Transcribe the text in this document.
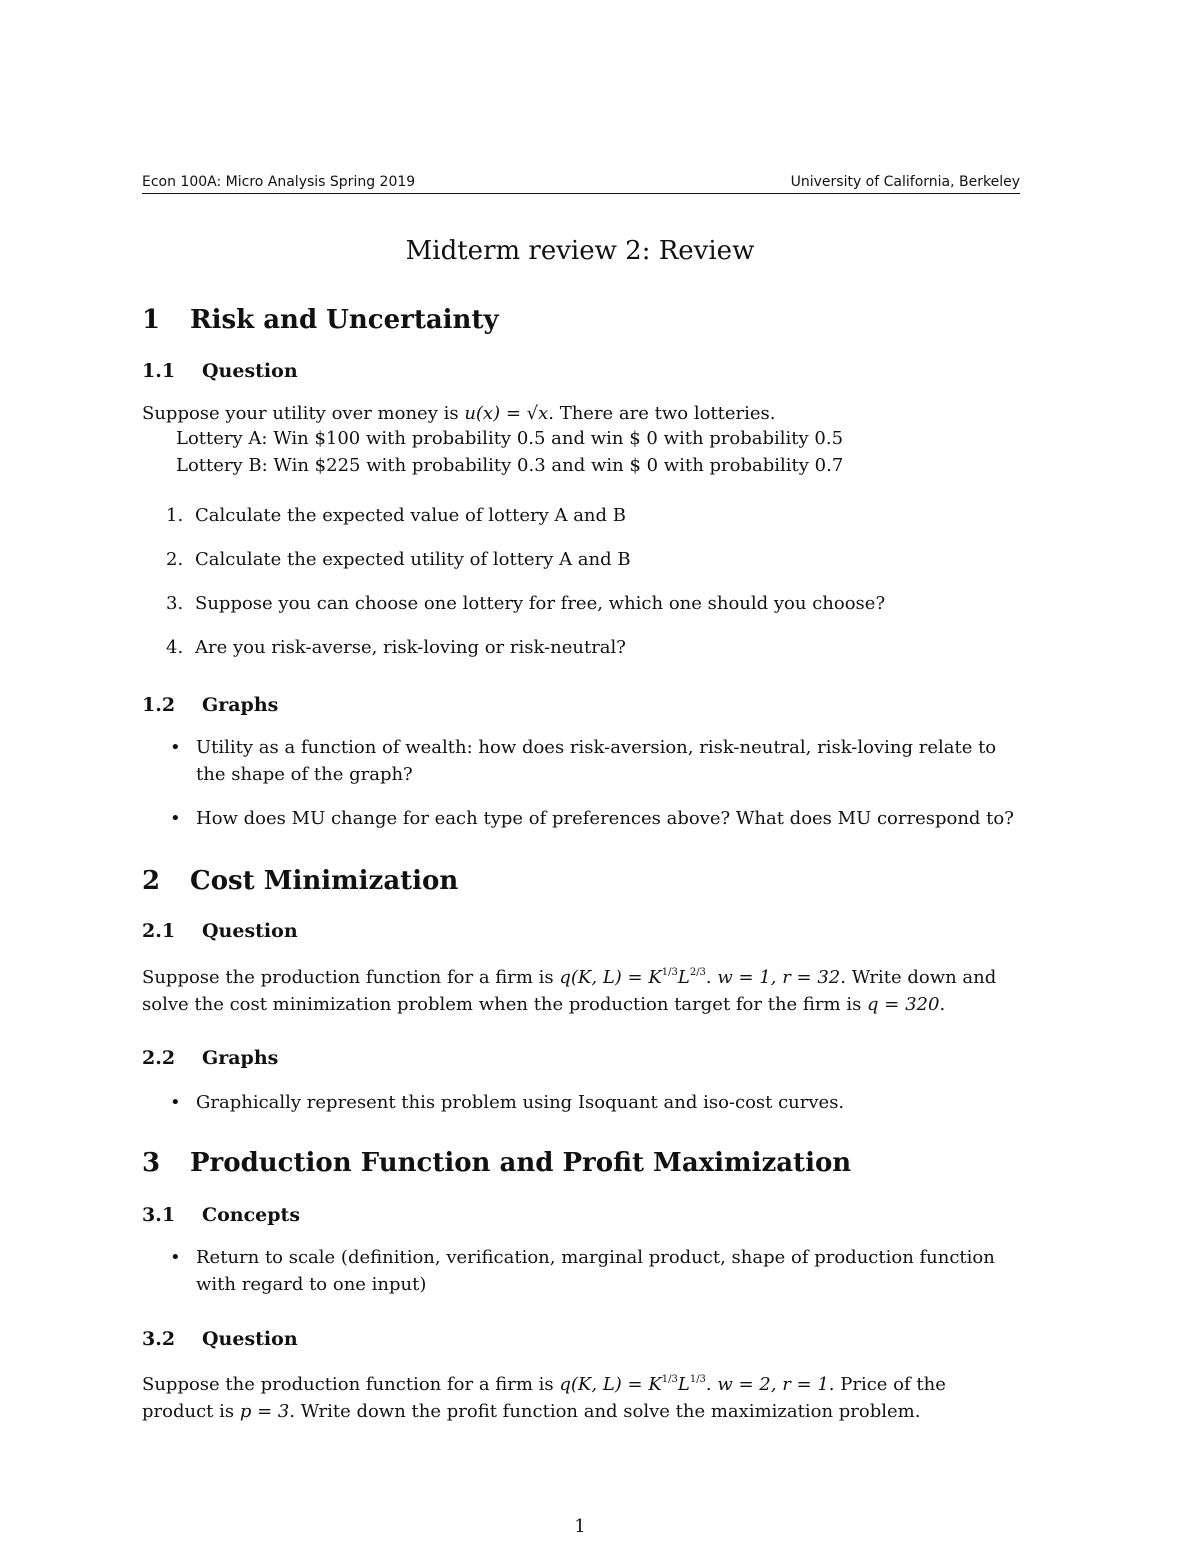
Econ 100A: Micro Analysis Spring 2019	University of California, Berkeley
Midterm review 2: Review
1 Risk and Uncertainty
1.1 Question
Suppose your utility over money is u(x) = √x. There are two lotteries.
Lottery A: Win $100 with probability 0.5 and win $ 0 with probability 0.5
Lottery B: Win $225 with probability 0.3 and win $ 0 with probability 0.7
1. Calculate the expected value of lottery A and B
2. Calculate the expected utility of lottery A and B
3. Suppose you can choose one lottery for free, which one should you choose?
4. Are you risk-averse, risk-loving or risk-neutral?
1.2 Graphs
• Utility as a function of wealth: how does risk-aversion, risk-neutral, risk-loving relate to the shape of the graph?
• How does MU change for each type of preferences above? What does MU correspond to?
2 Cost Minimization
2.1 Question
Suppose the production function for a firm is q(K, $L) = K^{1/3}L^{2/3}$. w = 1, r = 32. Write down and solve the cost minimization problem when the production target for the firm is q = 320.
2.2 Graphs
• Graphically represent this problem using Isoquant and iso-cost curves.
3 Production Function and Profit Maximization
3.1 Concepts
• Return to scale (definition, verification, marginal product, shape of production function with regard to one input)
3.2 Question
Suppose the production function for a firm is q(K, $L) = K^{1/3}L^{1/3}$. w = 2, r = 1. Price of the product is p = 3. Write down the profit function and solve the maximization problem.
1
